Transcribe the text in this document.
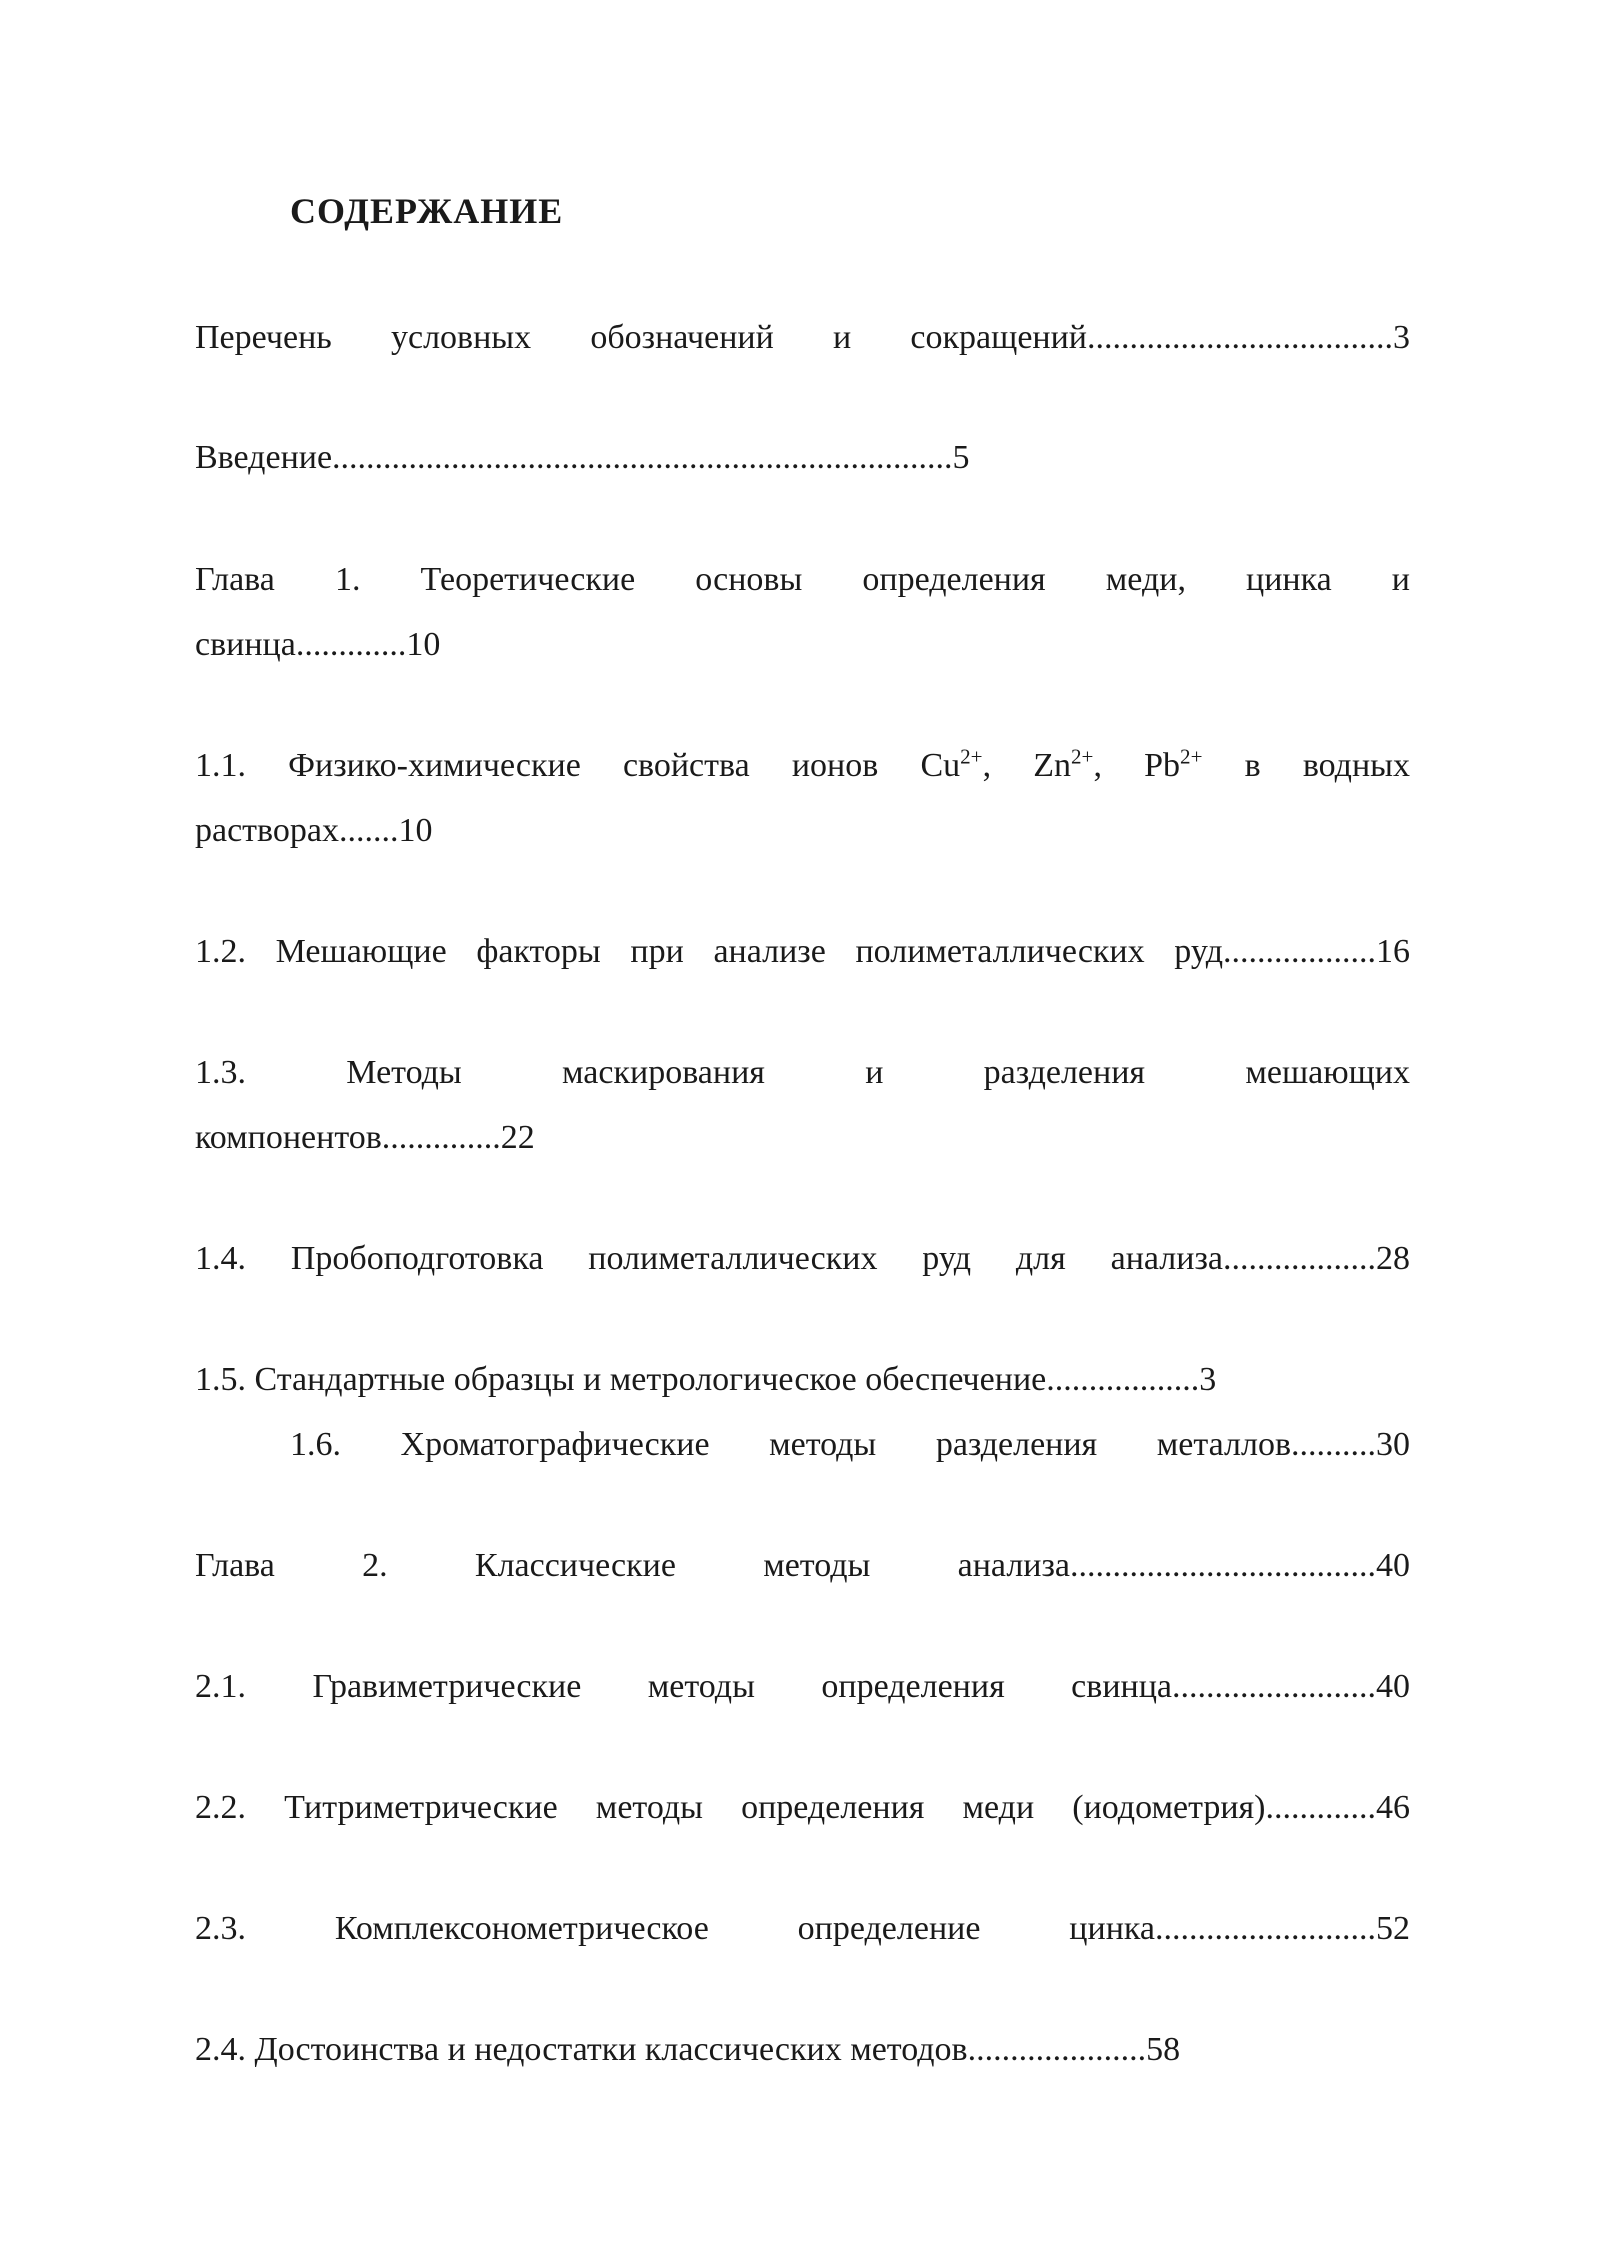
СОДЕРЖАНИЕ
Перечень условных обозначений и сокращений....................................3
Введение.........................................................................5
Глава 1. Теоретические основы определения меди, цинка и
свинца.............10
1.1. Физико-химические свойства ионов $Cu^{2+}$, $Zn^{2+}$, $Pb^{2+}$ в водных
растворах.......10
1.2. Мешающие факторы при анализе полиметаллических руд..................16
1.3. Методы маскирования и разделения мешающих
компонентов..............22
1.4. Пробоподготовка полиметаллических руд для анализа..................28
1.5. Стандартные образцы и метрологическое обеспечение..................3
1.6. Хроматографические методы разделения металлов..........30
Глава 2. Классические методы анализа....................................40
2.1. Гравиметрические методы определения свинца........................40
2.2. Титриметрические методы определения меди (иодометрия).............46
2.3. Комплексонометрическое определение цинка..........................52
2.4. Достоинства и недостатки классических методов.....................58
